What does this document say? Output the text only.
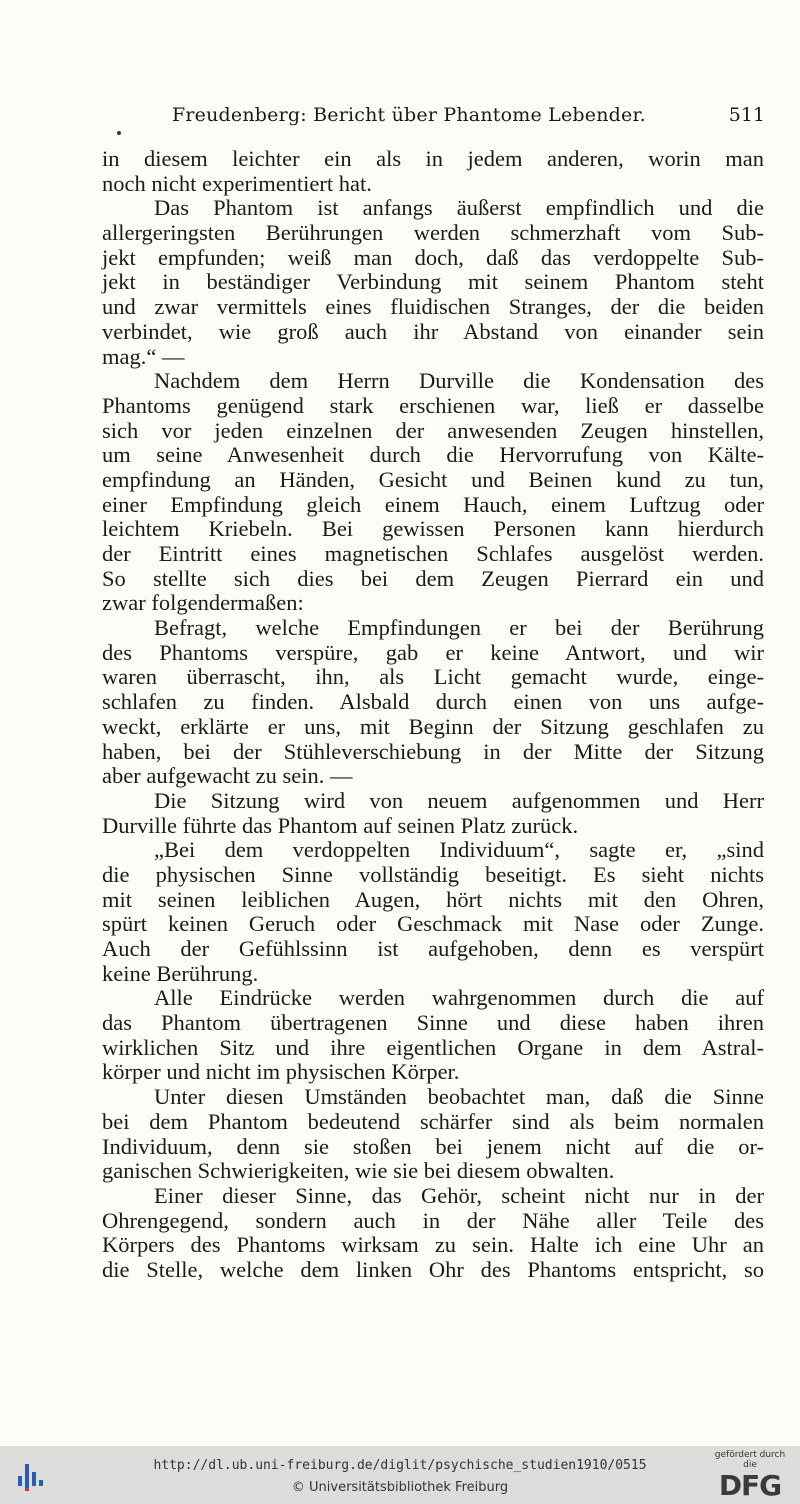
Freudenberg: Bericht über Phantome Lebender.	511
in diesem leichter ein als in jedem anderen, worin man
noch nicht experimentiert hat.
Das Phantom ist anfangs äußerst empfindlich und die
allergeringsten Berührungen werden schmerzhaft vom Sub-
jekt empfunden; weiß man doch, daß das verdoppelte Sub-
jekt in beständiger Verbindung mit seinem Phantom steht
und zwar vermittels eines fluidischen Stranges, der die beiden
verbindet, wie groß auch ihr Abstand von einander sein
mag.“ —
Nachdem dem Herrn Durville die Kondensation des
Phantoms genügend stark erschienen war, ließ er dasselbe
sich vor jeden einzelnen der anwesenden Zeugen hinstellen,
um seine Anwesenheit durch die Hervorrufung von Kälte-
empfindung an Händen, Gesicht und Beinen kund zu tun,
einer Empfindung gleich einem Hauch, einem Luftzug oder
leichtem Kriebeln. Bei gewissen Personen kann hierdurch
der Eintritt eines magnetischen Schlafes ausgelöst werden.
So stellte sich dies bei dem Zeugen Pierrard ein und
zwar folgendermaßen:
Befragt, welche Empfindungen er bei der Berührung
des Phantoms verspüre, gab er keine Antwort, und wir
waren überrascht, ihn, als Licht gemacht wurde, einge-
schlafen zu finden. Alsbald durch einen von uns aufge-
weckt, erklärte er uns, mit Beginn der Sitzung geschlafen zu
haben, bei der Stühleverschiebung in der Mitte der Sitzung
aber aufgewacht zu sein. —
Die Sitzung wird von neuem aufgenommen und Herr
Durville führte das Phantom auf seinen Platz zurück.
„Bei dem verdoppelten Individuum“, sagte er, „sind
die physischen Sinne vollständig beseitigt. Es sieht nichts
mit seinen leiblichen Augen, hört nichts mit den Ohren,
spürt keinen Geruch oder Geschmack mit Nase oder Zunge.
Auch der Gefühlssinn ist aufgehoben, denn es verspürt
keine Berührung.
Alle Eindrücke werden wahrgenommen durch die auf
das Phantom übertragenen Sinne und diese haben ihren
wirklichen Sitz und ihre eigentlichen Organe in dem Astral-
körper und nicht im physischen Körper.
Unter diesen Umständen beobachtet man, daß die Sinne
bei dem Phantom bedeutend schärfer sind als beim normalen
Individuum, denn sie stoßen bei jenem nicht auf die or-
ganischen Schwierigkeiten, wie sie bei diesem obwalten.
Einer dieser Sinne, das Gehör, scheint nicht nur in der
Ohrengegend, sondern auch in der Nähe aller Teile des
Körpers des Phantoms wirksam zu sein. Halte ich eine Uhr an
die Stelle, welche dem linken Ohr des Phantoms entspricht, so
http://dl.ub.uni-freiburg.de/diglit/psychische_studien1910/0515
© Universitätsbibliothek Freiburg
gefördert durch die
DFG
